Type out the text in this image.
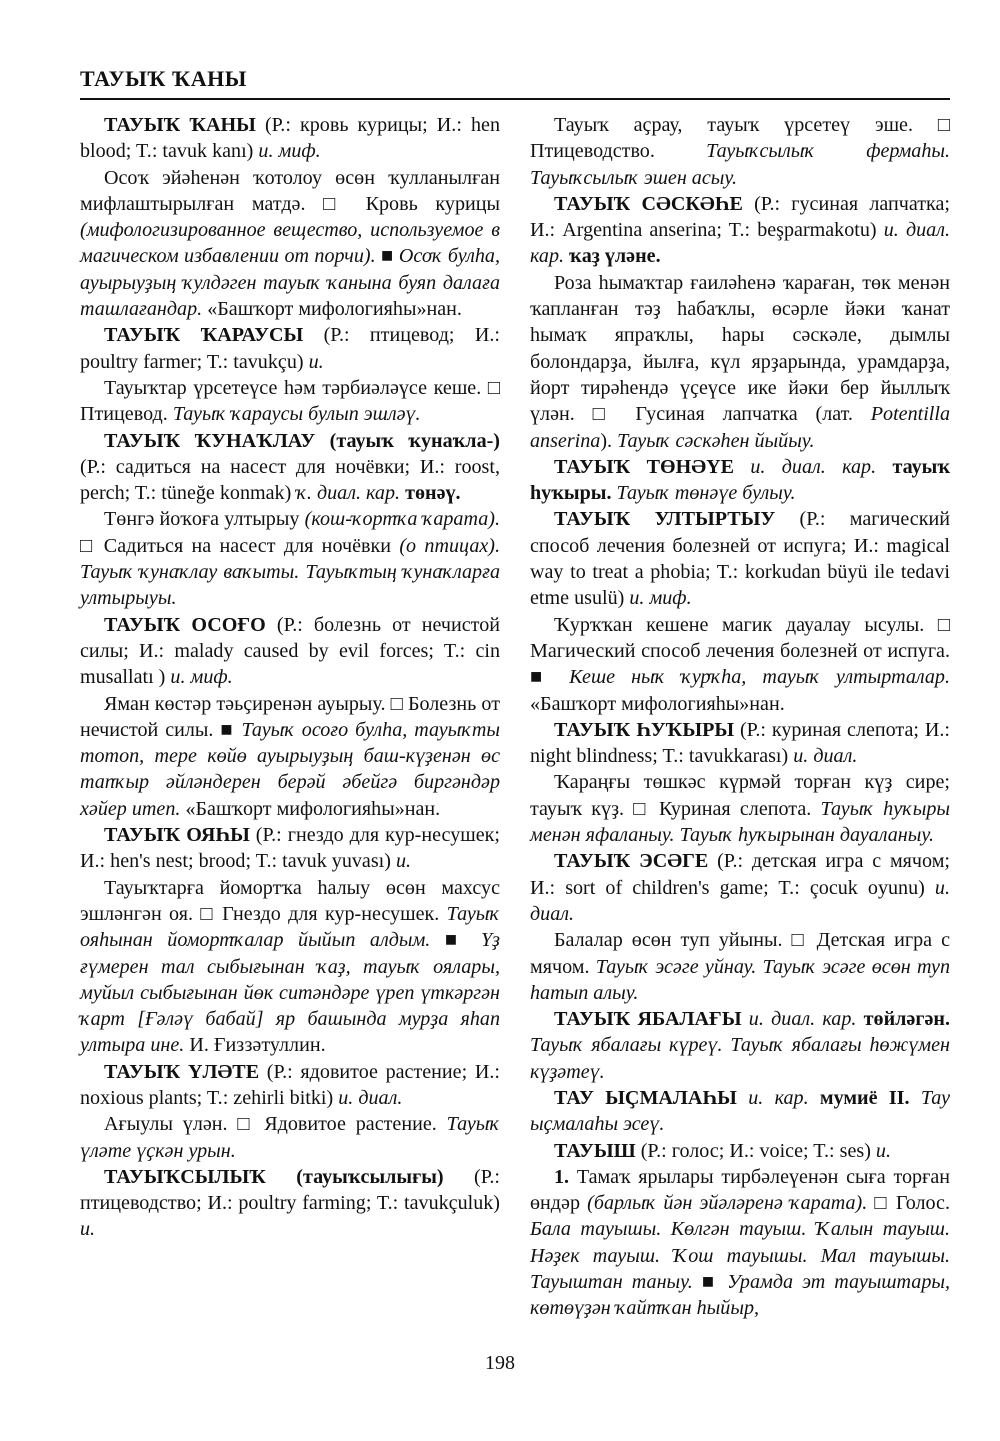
ТАУЫҠ ҠАНЫ

ТАУЫҠ ҠАНЫ (Р.: кровь курицы; И.: hen blood; T.: tavuk kanı) и. миф.

Осоҡ эйәһенән ҡотолоу өсөн ҡулланылған мифлаштырылған матдә. □ Кровь курицы (мифологизированное вещество, используемое в магическом избавлении от порчи). ■ Осоҡ булһа, ауырыуҙың ҡулдәген тауыҡ ҡанына буяп далаға ташлағандар. «Башҡорт мифологияһы»нан.

ТАУЫҠ ҠАРАУСЫ (Р.: птицевод; И.: poultry farmer; T.: tavukçu) и.

Тауыҡтар үрсетеүсе һәм тәрбиәләүсе кеше. □ Птицевод. Тауыҡ ҡараусы булып эшләү.

ТАУЫҠ ҠУНАҠЛАУ (тауыҡ ҡунаҡла-) (Р.: садиться на насест для ночёвки; И.: roost, perch; T.: tüneğe konmak) ҡ. диал. кар. төнәү.

Төнгә йоҡоға ултырыу (кош-ҡортҡа ҡарата). □ Садиться на насест для ночёвки (о птицах). Тауыҡ ҡунаҡлау ваҡыты. Тауыҡтың ҡунаҡларға ултырыуы.

ТАУЫҠ ОСОҒО (Р.: болезнь от нечистой силы; И.: malady caused by evil forces; T.: cin musallatı ) и. миф.

Яман көстәр тәьҫиренән ауырыу. □ Болезнь от нечистой силы. ■ Тауыҡ осоғо булһа, тауыҡты тотоп, тере көйө ауырыуҙың баш-күҙенән өс тапҡыр әйләндерен берәй әбейгә биргәндәр хәйер итеп. «Башҡорт мифологияһы»нан.

ТАУЫҠ ОЯҺЫ (Р.: гнездо для кур-несушек; И.: hen's nest; brood; T.: tavuk yuvası) и.

Тауыҡтарға йомортҡа һалыу өсөн махсус эшләнгән оя. □ Гнездо для кур-несушек. Тауыҡ ояһынан йомортҡалар йыйып алдым. ■ Үҙ ғүмерен тал сыбығынан ҡаҙ, тауыҡ оялары, муйыл сыбығынан йөк ситәндәре үреп үткәргән ҡарт [Ғәләү бабай] яр башында мурҙа яһап ултыра ине. И. Ғиззәтуллин.

ТАУЫҠ ҮЛӘТЕ (Р.: ядовитое растение; И.: noxious plants; T.: zehirli bitki) и. диал.

Ағыулы үлән. □ Ядовитое растение. Тауыҡ үләте үҫкән урын.

ТАУЫҠСЫЛЫҠ (тауыҡсылығы) (Р.: птицеводство; И.: poultry farming; T.: tavukçuluk) и.

Тауыҡ аҫрау, тауыҡ үрсетеү эше. □ Птицеводство. Тауыҡсылыҡ фермаһы. Тауыҡсылыҡ эшен асыу.

ТАУЫҠ СӘСКӘҺЕ (Р.: гусиная лапчатка; И.: Argentina anserina; T.: beşparmakotu) и. диал. кар. ҡаҙ үләне.

Роза һымаҡтар ғаиләһенә ҡараған, төк менән ҡапланған тәҙ һабаҡлы, өсәрле йәки ҡанат һымаҡ япраҡлы, һары сәскәле, дымлы болондарҙа, йылға, күл ярҙарында, урамдарҙа, йорт тирәһендә үҫеүсе ике йәки бер йыллыҡ үлән. □ Гусиная лапчатка (лат. Potentilla anserina). Тауыҡ сәскәһен йыйыу.

ТАУЫҠ ТӨНӘҮЕ и. диал. кар. тауыҡ һуҡыры. Тауыҡ төнәүе булыу.

ТАУЫҠ УЛТЫРТЫУ (Р.: магический способ лечения болезней от испуга; И.: magical way to treat a phobia; T.: korkudan büyü ile tedavi etme usulü) и. миф.

Ҡурҡҡан кешене магик дауалау ысулы. □ Магический способ лечения болезней от испуга. ■ Кеше ныҡ ҡурҡһа, тауыҡ ултырталар. «Башҡорт мифологияһы»нан.

ТАУЫҠ ҺУҠЫРЫ (Р.: куриная слепота; И.: night blindness; T.: tavukkarası) и. диал.

Ҡараңғы төшкәс күрмәй торған күҙ сире; тауыҡ күҙ. □ Куриная слепота. Тауыҡ һуҡыры менән яфаланыу. Тауыҡ һуҡырынан дауаланыу.

ТАУЫҠ ЭСӘГЕ (Р.: детская игра с мячом; И.: sort of children's game; T.: çocuk oyunu) и. диал.

Балалар өсөн туп уйыны. □ Детская игра с мячом. Тауыҡ эсәге уйнау. Тауыҡ эсәге өсөн туп һатып алыу.

ТАУЫҠ ЯБАЛАҒЫ и. диал. кар. төйләгән. Тауыҡ ябалағы күреү. Тауыҡ ябалағы һөжүмен күҙәтеү.

ТАУ ЫҪМАЛАҺЫ и. кар. мумиё II. Тау ыҫмалаһы эсеү.

ТАУЫШ (Р.: голос; И.: voice; T.: ses) и.

1. Тамаҡ ярылары тирбәлеүенән сыға торған өндәр (барлыҡ йән эйәләренә ҡарата). □ Голос. Бала тауышы. Көлгән тауыш. Ҡалын тауыш. Нәҙек тауыш. Ҡош тауышы. Мал тауышы. Тауыштан таныу. ■ Урамда эт тауыштары, көтөүҙән ҡайтҡан һыйыр,

198
